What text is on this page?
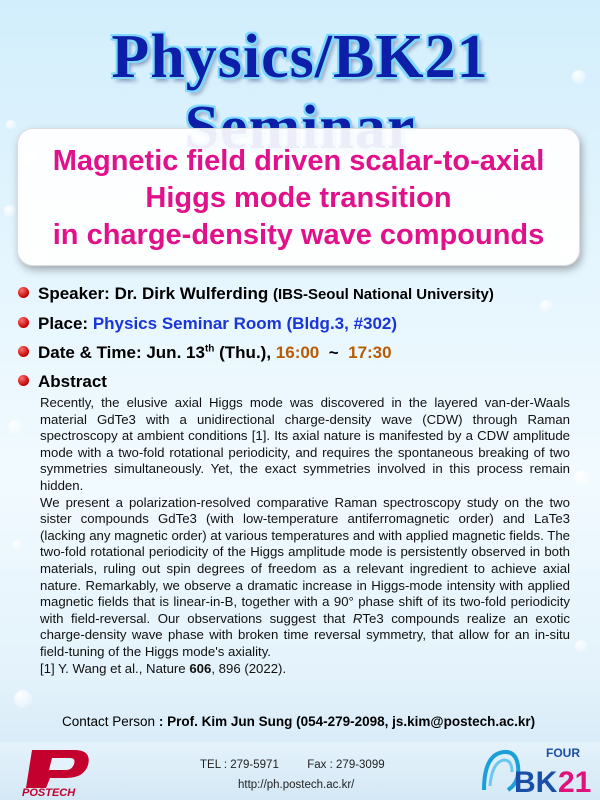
Physics/BK21
Magnetic field driven scalar-to-axial
Higgs mode transition
in charge-density wave compounds
Speaker: Dr. Dirk Wulferding (IBS-Seoul National University)
Place: Physics Seminar Room (Bldg.3, #302)
Date & Time: Jun. 13th (Thu.), 16:00 ~ 17:30
Abstract

Recently, the elusive axial Higgs mode was discovered in the layered van-der-Waals material GdTe3 with a unidirectional charge-density wave (CDW) through Raman spectroscopy at ambient conditions [1]. Its axial nature is manifested by a CDW amplitude mode with a two-fold rotational periodicity, and requires the spontaneous breaking of two symmetries simultaneously. Yet, the exact symmetries involved in this process remain hidden.

We present a polarization-resolved comparative Raman spectroscopy study on the two sister compounds GdTe3 (with low-temperature antiferromagnetic order) and LaTe3 (lacking any magnetic order) at various temperatures and with applied magnetic fields. The two-fold rotational periodicity of the Higgs amplitude mode is persistently observed in both materials, ruling out spin degrees of freedom as a relevant ingredient to achieve axial nature. Remarkably, we observe a dramatic increase in Higgs-mode intensity with applied magnetic fields that is linear-in-B, together with a 90° phase shift of its two-fold periodicity with field-reversal. Our observations suggest that RTe3 compounds realize an exotic charge-density wave phase with broken time reversal symmetry, that allow for an in-situ field-tuning of the Higgs mode's axiality.

[1] Y. Wang et al., Nature 606, 896 (2022).

Contact Person : Prof. Kim Jun Sung (054-279-2098, js.kim@postech.ac.kr)
POSTECH
TEL : 279-5971 Fax : 279-3099
http://ph.postech.ac.kr/
FOUR
BK 21
